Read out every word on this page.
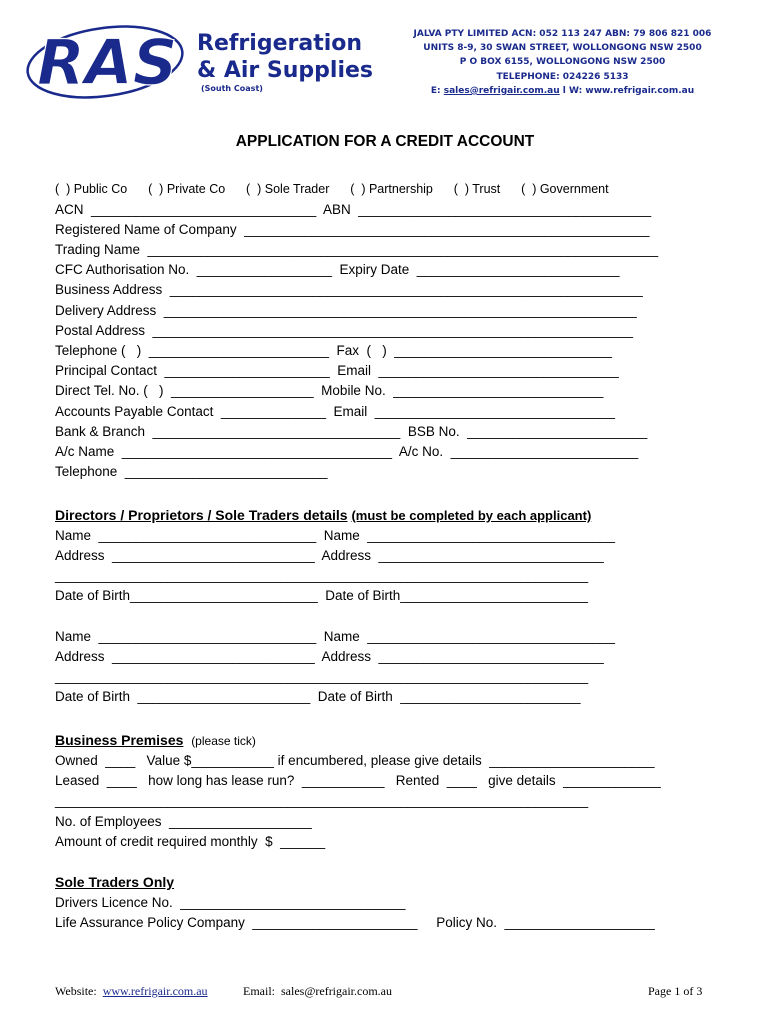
RAS Refrigeration
& Air Supplies
(South Coast)
JALVA PTY LIMITED ACN: 052 113 247 ABN: 79 806 821 006
UNITS 8-9, 30 SWAN STREET, WOLLONGONG NSW 2500
P O BOX 6155, WOLLONGONG NSW 2500
TELEPHONE: 024226 5133
E: sales@refrigair.com.au l W: www.refrigair.com.au
APPLICATION FOR A CREDIT ACCOUNT
(  ) Public Co      (  ) Private Co      (  ) Sole Trader      (  ) Partnership      (  ) Trust      (  ) Government
ACN  ______________________________  ABN  _______________________________________
Registered Name of Company  ______________________________________________________
Trading Name  ____________________________________________________________________
CFC Authorisation No.  __________________  Expiry Date  ___________________________
Business Address  _______________________________________________________________
Delivery Address  _______________________________________________________________
Postal Address  ________________________________________________________________
Telephone (   )  ________________________  Fax  (   )  _____________________________
Principal Contact  ______________________  Email  ________________________________
Direct Tel. No. (   )  ___________________  Mobile No.  ____________________________
Accounts Payable Contact  ______________  Email  ________________________________
Bank & Branch  _________________________________  BSB No.  ________________________
A/c Name  ____________________________________  A/c No.  _________________________
Telephone  ___________________________
Directors / Proprietors / Sole Traders details (must be completed by each applicant)
Name  _____________________________  Name  _________________________________
Address  ___________________________  Address  ______________________________
_______________________________________________________________________
Date of Birth_________________________  Date of Birth_________________________
Name  _____________________________  Name  _________________________________
Address  ___________________________  Address  ______________________________
_______________________________________________________________________
Date of Birth  _______________________  Date of Birth  ________________________
Business Premises (please tick)
Owned  ____   Value $___________ if encumbered, please give details  ______________________
Leased  ____   how long has lease run?  ___________   Rented  ____   give details  _____________
_______________________________________________________________________
No. of Employees  ___________________
Amount of credit required monthly  $  ______
Sole Traders Only
Drivers Licence No.  ______________________________
Life Assurance Policy Company  ______________________     Policy No.  ____________________
Website:  www.refrigair.com.au	Email:  sales@refrigair.com.au	Page 1 of 3
